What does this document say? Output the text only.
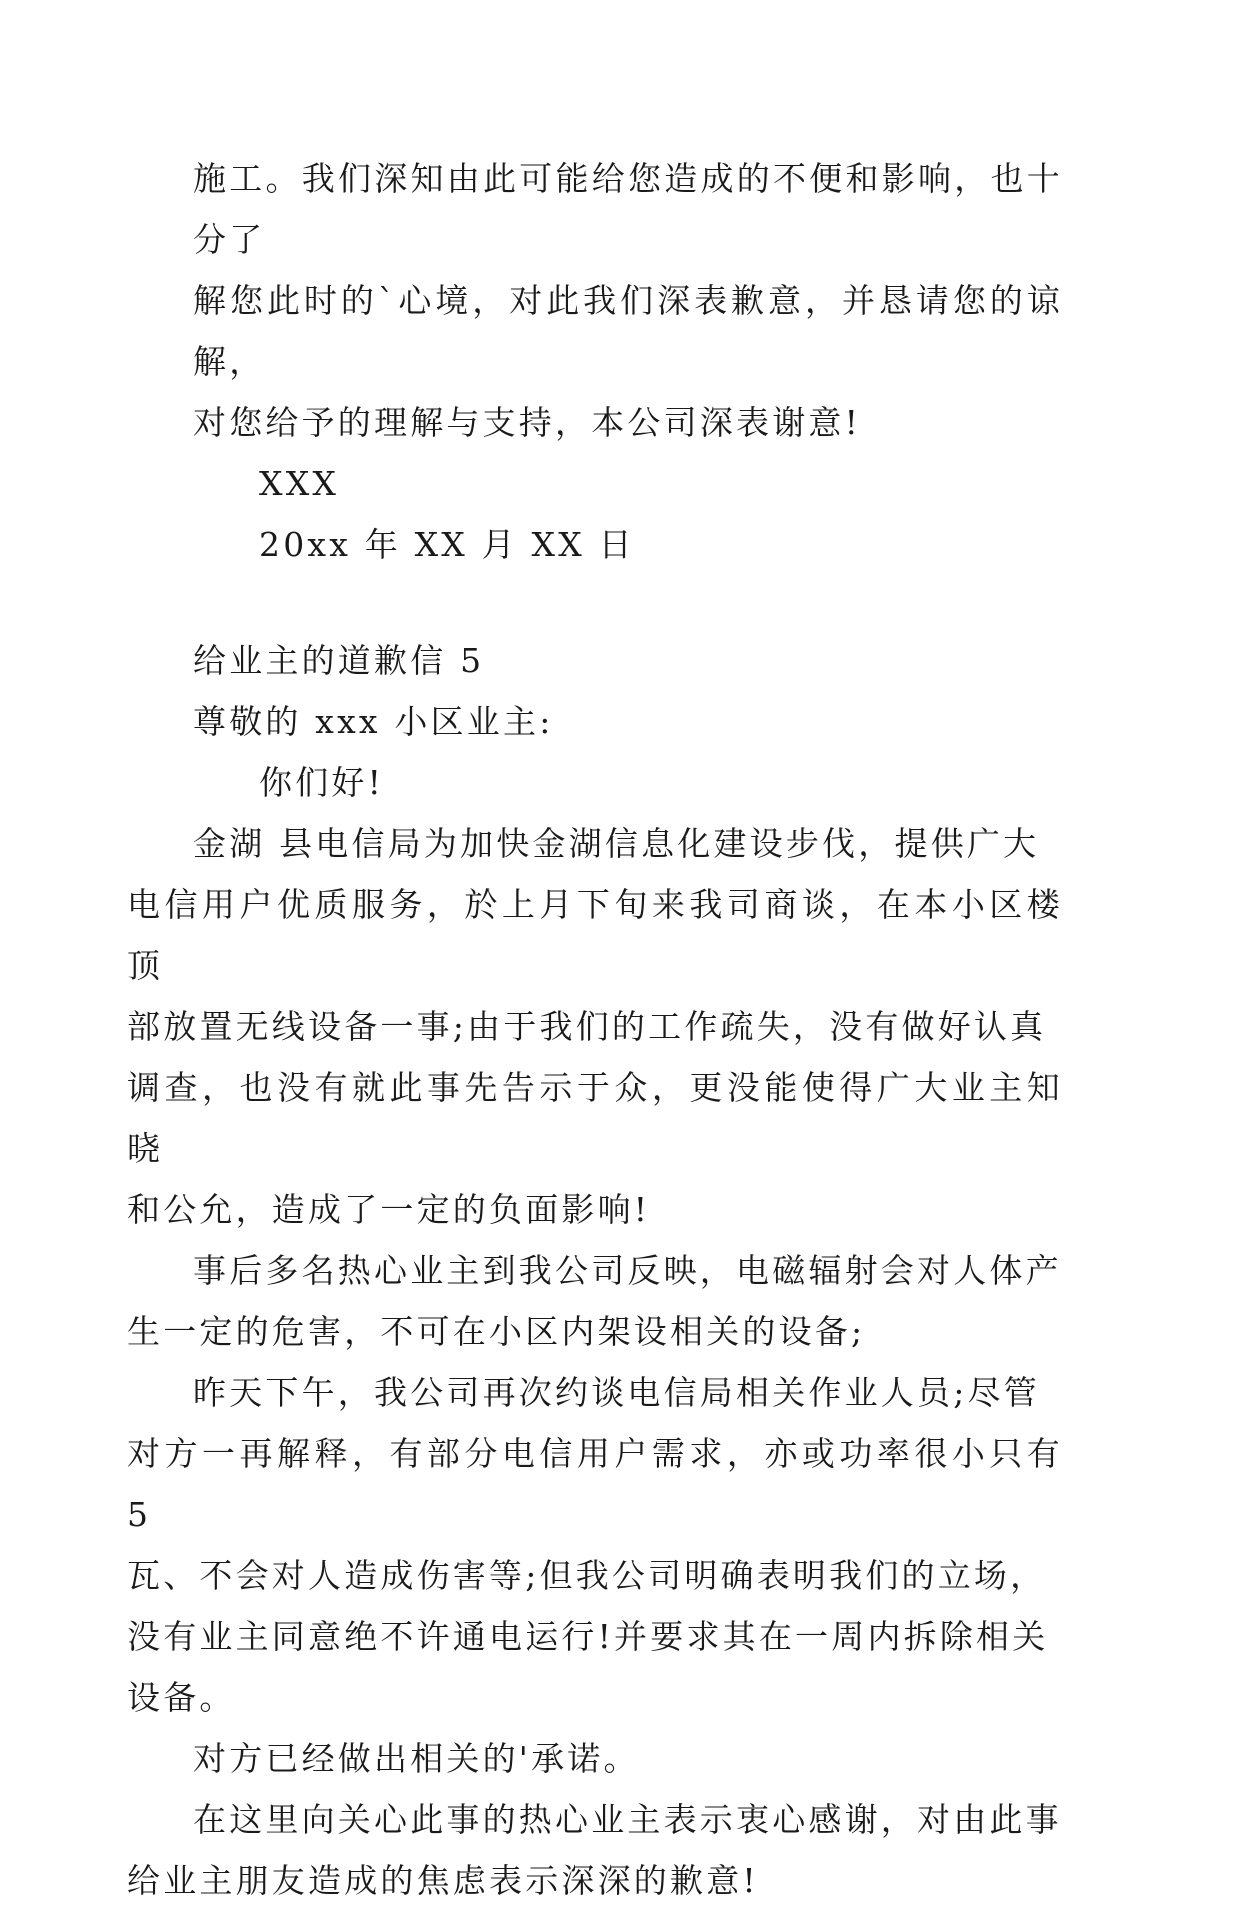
施工。我们深知由此可能给您造成的不便和影响，也十分了
解您此时的`心境，对此我们深表歉意，并恳请您的谅解，
对您给予的理解与支持，本公司深表谢意!

XXX

20xx 年 XX 月 XX 日

给业主的道歉信 5

尊敬的 xxx 小区业主:

你们好!

金湖 县电信局为加快金湖信息化建设步伐，提供广大
电信用户优质服务，於上月下旬来我司商谈，在本小区楼顶
部放置无线设备一事;由于我们的工作疏失，没有做好认真
调查，也没有就此事先告示于众，更没能使得广大业主知晓
和公允，造成了一定的负面影响!

事后多名热心业主到我公司反映，电磁辐射会对人体产
生一定的危害，不可在小区内架设相关的设备;

昨天下午，我公司再次约谈电信局相关作业人员;尽管
对方一再解释，有部分电信用户需求，亦或功率很小只有 5
瓦、不会对人造成伤害等;但我公司明确表明我们的立场，
没有业主同意绝不许通电运行!并要求其在一周内拆除相关
设备。

对方已经做出相关的'承诺。

在这里向关心此事的热心业主表示衷心感谢，对由此事
给业主朋友造成的焦虑表示深深的歉意!
